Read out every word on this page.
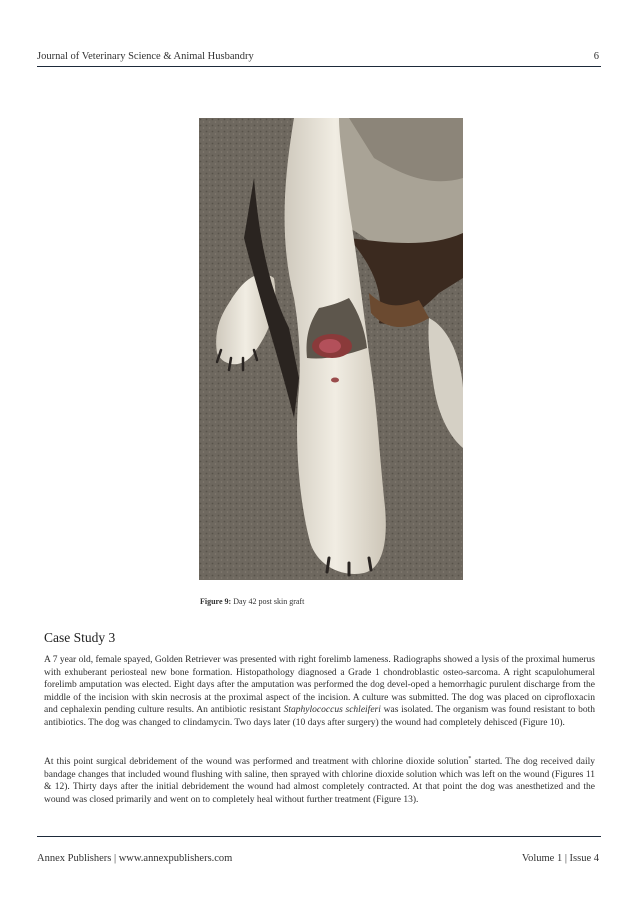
Journal of Veterinary Science & Animal Husbandry	6
Figure 9: Day 42 post skin graft
Case Study 3

A 7 year old, female spayed, Golden Retriever was presented with right forelimb lameness. Radiographs showed a lysis of the proximal humerus with exhuberant periosteal new bone formation. Histopathology diagnosed a Grade 1 chondroblastic osteo-sarcoma. A right scapulohumeral forelimb amputation was elected. Eight days after the amputation was performed the dog devel-oped a hemorrhagic purulent discharge from the middle of the incision with skin necrosis at the proximal aspect of the incision. A culture was submitted. The dog was placed on ciprofloxacin and cephalexin pending culture results. An antibiotic resistant Staphylococcus schleiferi was isolated. The organism was found resistant to both antibiotics. The dog was changed to clindamycin. Two days later (10 days after surgery) the wound had completely dehisced (Figure 10).

At this point surgical debridement of the wound was performed and treatment with chlorine dioxide solution* started. The dog received daily bandage changes that included wound flushing with saline, then sprayed with chlorine dioxide solution which was left on the wound (Figures 11 & 12). Thirty days after the initial debridement the wound had almost completely contracted. At that point the dog was anesthetized and the wound was closed primarily and went on to completely heal without further treatment (Figure 13).

Annex Publishers | www.annexpublishers.com	Volume 1 | Issue 4
